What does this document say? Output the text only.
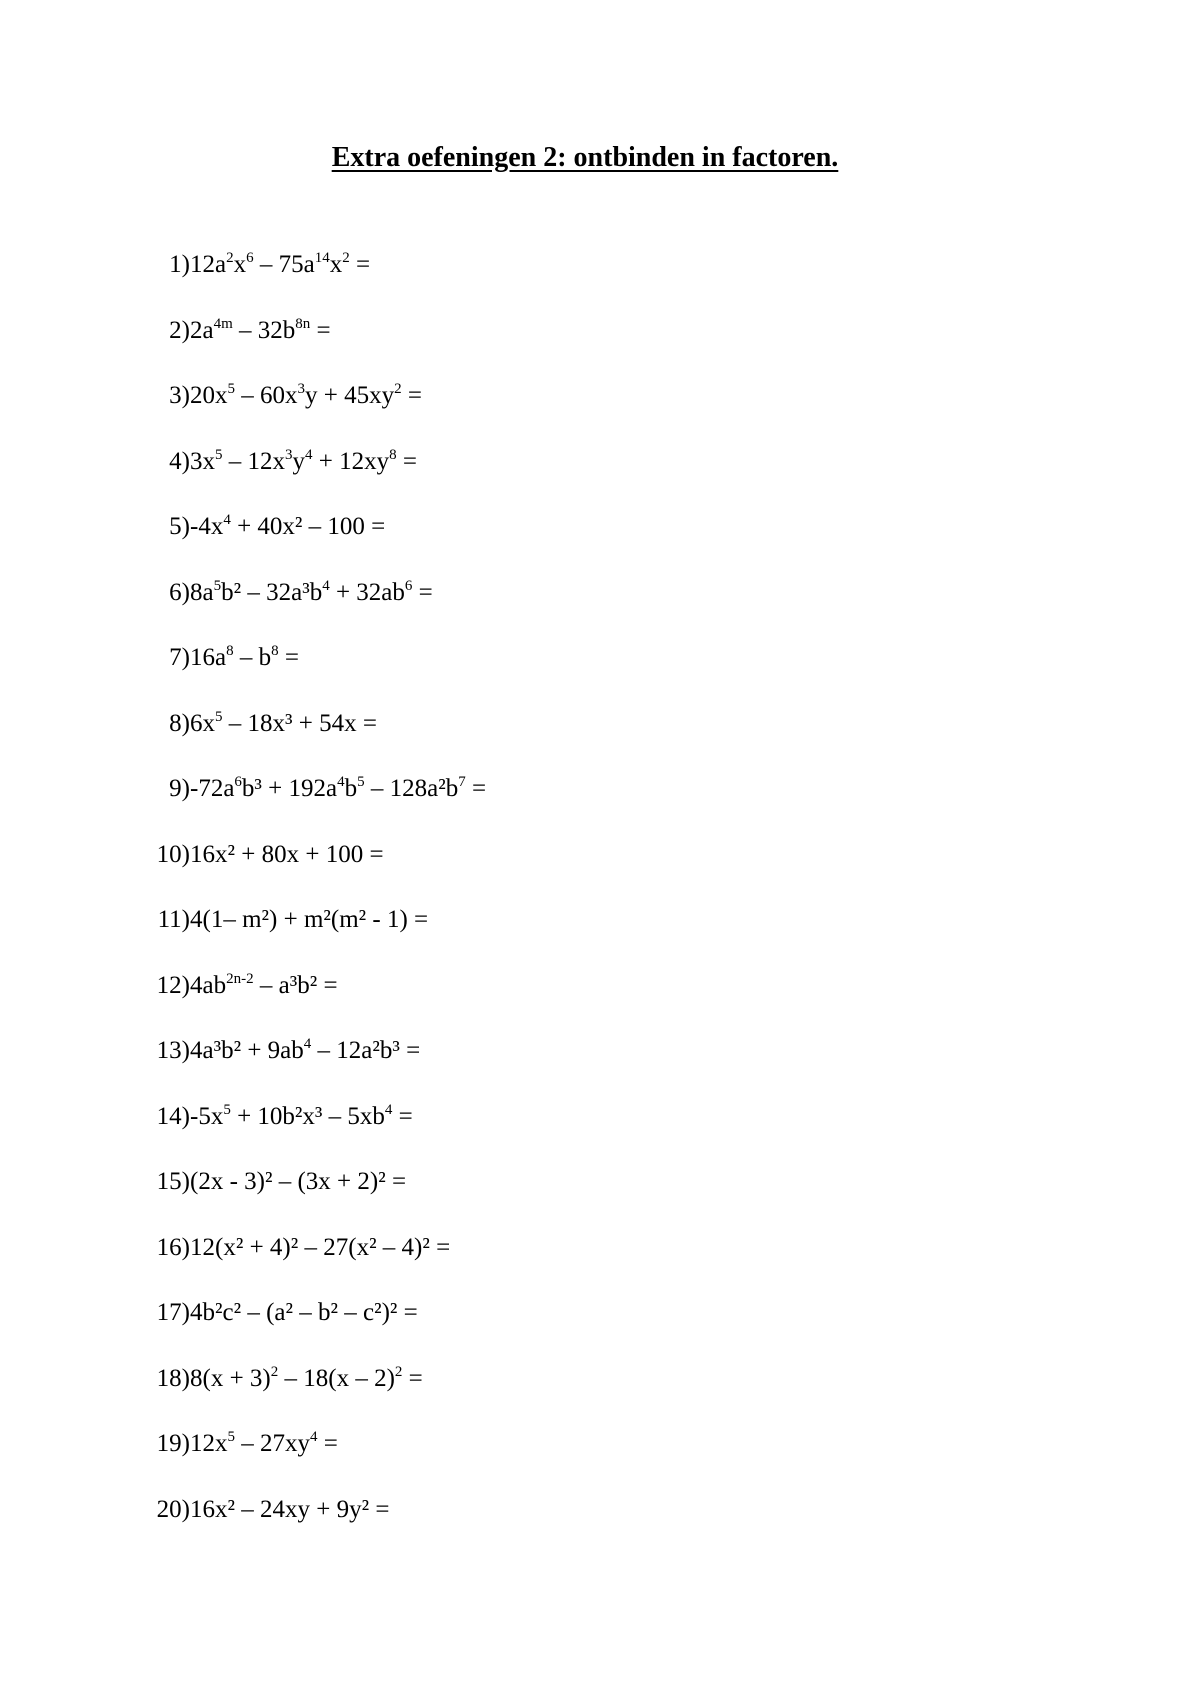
Extra oefeningen 2: ontbinden in factoren.
1) $12a^2x^6 - 75a^{14}x^2$ =
2) $2a^{4m} - 32b^{8n}$ =
3) $20x^5 - 60x^3y + 45xy^2$ =
4) $3x^5 - 12x^3y^4 + 12xy^8$ =
5) $-4x^4 + 40x^2 - 100$ =
6) $8a^5b^2 - 32a^3b^4 + 32ab^6$ =
7) $16a^8 - b^8$ =
8) $6x^5 - 18x^3 + 54x$ =
9) $-72a^6b^3 + 192a^4b^5 - 128a^2b^7$ =
10) 16x² + 80x + 100 =
11) 4(1– m²) + m²(m² - 1) =
12) $4ab^{2n-2} - a^3b^2$ =
13) $4a^3b^2 + 9ab^4 - 12a^2b^3$ =
14) $-5x^5 + 10b^2x^3 - 5xb^4$ =
15) (2x - 3)² – (3x + 2)² =
16) 12(x² + 4)² – 27(x² – 4)² =
17) 4b²c² – (a² – b² – c²)² =
18) $8(x + 3)^2 - 18(x - 2)^2$ =
19) $12x^5 - 27xy^4$ =
20) 16x² – 24xy + 9y² =
